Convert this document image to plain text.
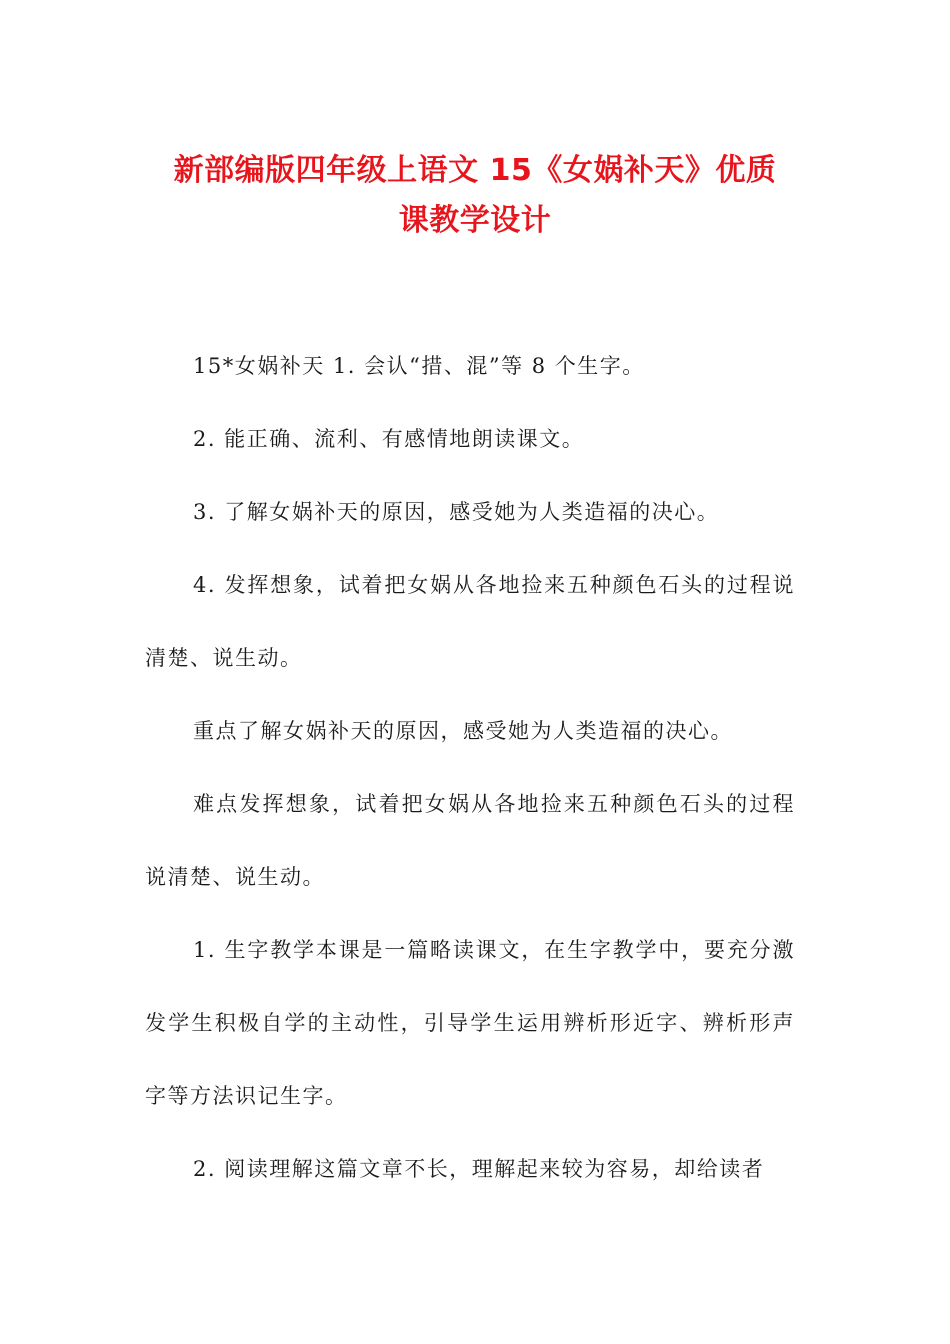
新部编版四年级上语文 15《女娲补天》优质
课教学设计

15*女娲补天 1. 会认“措、混”等 8 个生字。

2. 能正确、流利、有感情地朗读课文。

3. 了解女娲补天的原因，感受她为人类造福的决心。

4. 发挥想象，试着把女娲从各地捡来五种颜色石头的过程说清楚、说生动。

重点了解女娲补天的原因，感受她为人类造福的决心。

难点发挥想象，试着把女娲从各地捡来五种颜色石头的过程说清楚、说生动。

1. 生字教学本课是一篇略读课文，在生字教学中，要充分激发学生积极自学的主动性，引导学生运用辨析形近字、辨析形声字等方法识记生字。

2. 阅读理解这篇文章不长，理解起来较为容易，却给读者
